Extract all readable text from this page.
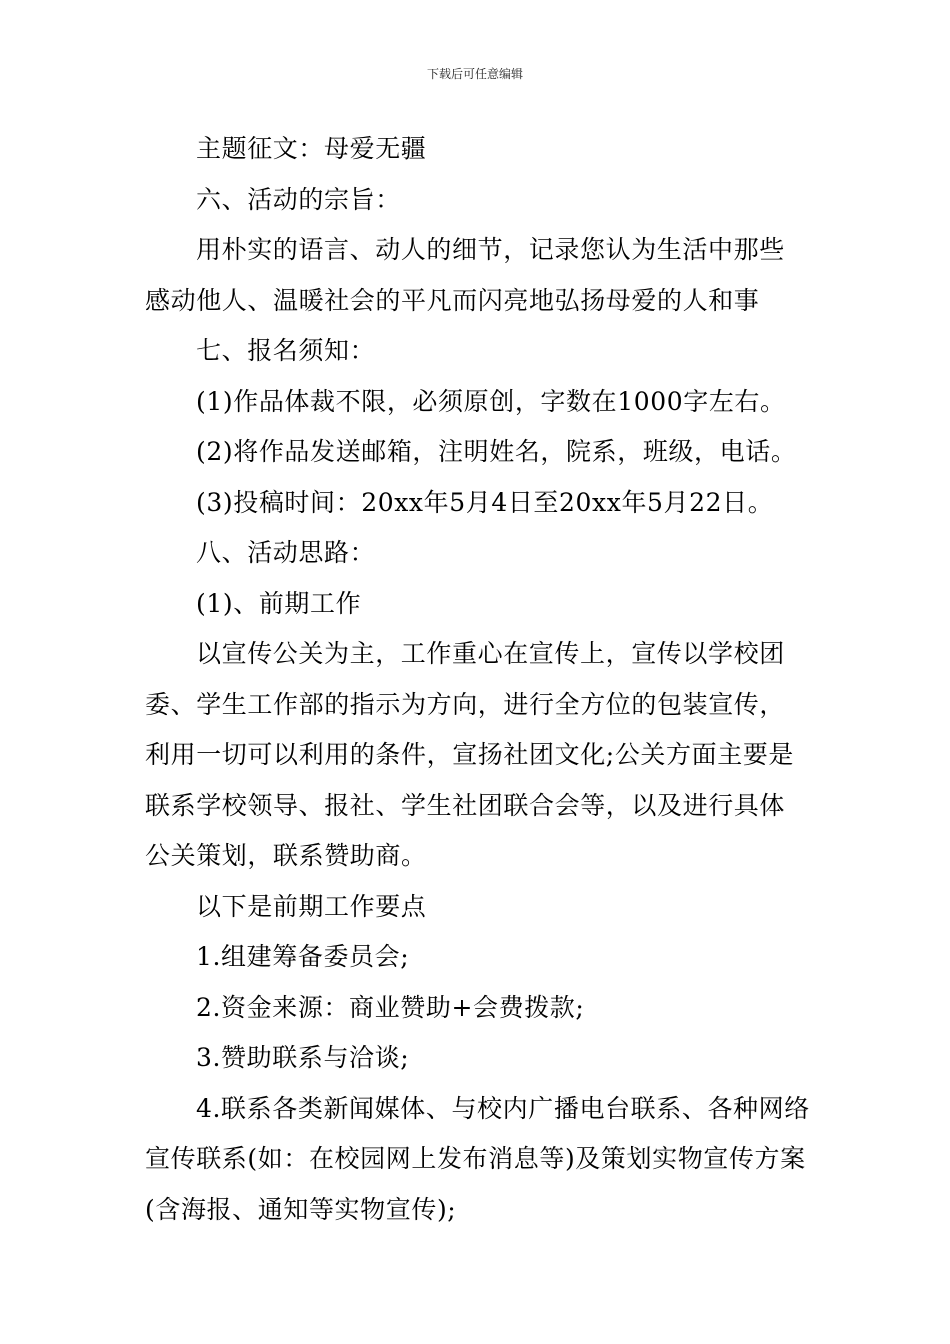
下载后可任意编辑

主题征文：母爱无疆

六、活动的宗旨：

用朴实的语言、动人的细节，记录您认为生活中那些感动他人、温暖社会的平凡而闪亮地弘扬母爱的人和事

七、报名须知：

(1)作品体裁不限，必须原创，字数在1000字左右。

(2)将作品发送邮箱，注明姓名，院系，班级，电话。

(3)投稿时间：20xx年5月4日至20xx年5月22日。

八、活动思路：

(1)、前期工作

以宣传公关为主，工作重心在宣传上，宣传以学校团委、学生工作部的指示为方向，进行全方位的包装宣传，利用一切可以利用的条件，宣扬社团文化;公关方面主要是联系学校领导、报社、学生社团联合会等，以及进行具体公关策划，联系赞助商。

以下是前期工作要点

1.组建筹备委员会;

2.资金来源：商业赞助+会费拨款;

3.赞助联系与洽谈;

4.联系各类新闻媒体、与校内广播电台联系、各种网络宣传联系(如：在校园网上发布消息等)及策划实物宣传方案(含海报、通知等实物宣传);
